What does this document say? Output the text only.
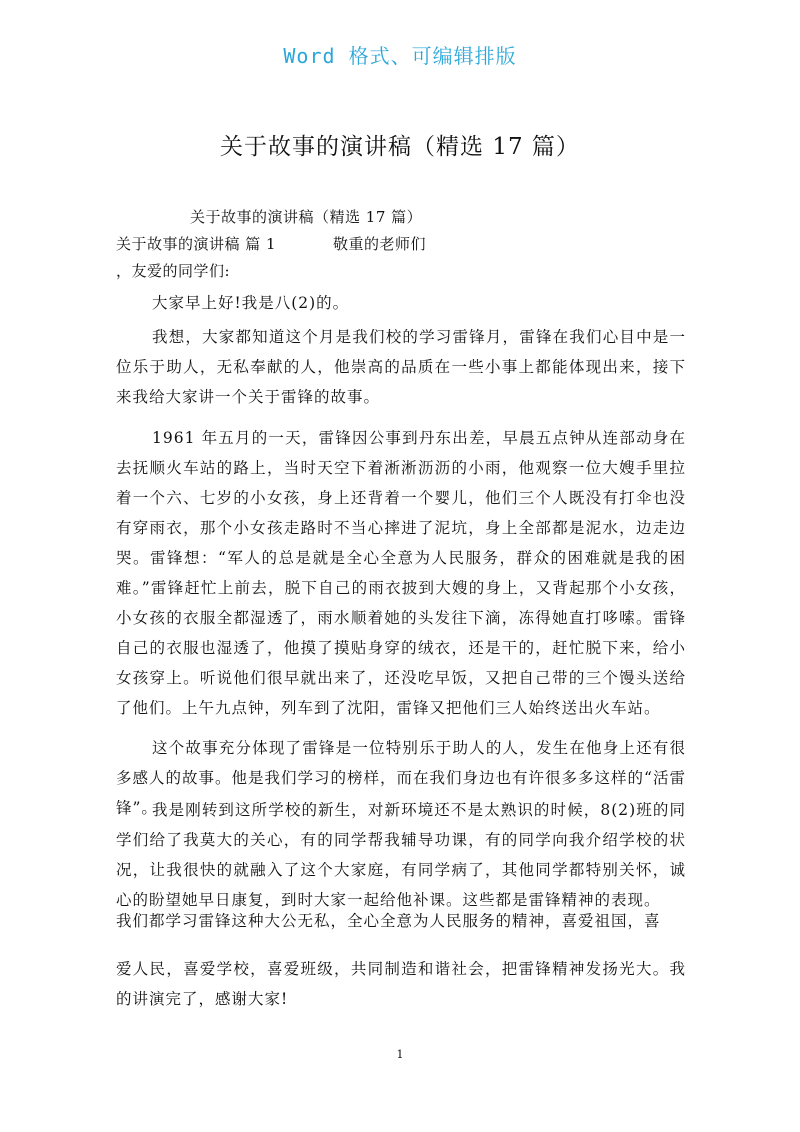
Word 格式、可编辑排版
关于故事的演讲稿（精选 17 篇）
关于故事的演讲稿（精选 17 篇）
关于故事的演讲稿 篇 1	敬重的老师们
，友爱的同学们:
大家早上好!我是八(2)的。
我想，大家都知道这个月是我们校的学习雷锋月，雷锋在我们心目中是一位乐于助人，无私奉献的人，他崇高的品质在一些小事上都能体现出来，接下来我给大家讲一个关于雷锋的故事。
1961 年五月的一天，雷锋因公事到丹东出差，早晨五点钟从连部动身在去抚顺火车站的路上，当时天空下着淅淅沥沥的小雨，他观察一位大嫂手里拉着一个六、七岁的小女孩，身上还背着一个婴儿，他们三个人既没有打伞也没有穿雨衣，那个小女孩走路时不当心摔进了泥坑，身上全部都是泥水，边走边哭。雷锋想：“军人的总是就是全心全意为人民服务，群众的困难就是我的困难。”雷锋赶忙上前去，脱下自己的雨衣披到大嫂的身上，又背起那个小女孩，小女孩的衣服全都湿透了，雨水顺着她的头发往下滴，冻得她直打哆嗦。雷锋自己的衣服也湿透了，他摸了摸贴身穿的绒衣，还是干的，赶忙脱下来，给小女孩穿上。听说他们很早就出来了，还没吃早饭，又把自己带的三个馒头送给了他们。上午九点钟，列车到了沈阳，雷锋又把他们三人始终送出火车站。
这个故事充分体现了雷锋是一位特别乐于助人的人，发生在他身上还有很多感人的故事。他是我们学习的榜样，而在我们身边也有许很多多这样的“活雷锋”。
我是刚转到这所学校的新生，对新环境还不是太熟识的时候，8(2)班的同学们给了我莫大的关心，有的同学帮我辅导功课，有的同学向我介绍学校的状况，让我很快的就融入了这个大家庭，有同学病了，其他同学都特别关怀，诚心的盼望她早日康复，到时大家一起给他补课。这些都是雷锋精神的表现。
我们都学习雷锋这种大公无私，全心全意为人民服务的精神，喜爱祖国，喜
爱人民，喜爱学校，喜爱班级，共同制造和谐社会，把雷锋精神发扬光大。我的讲演完了，感谢大家!
1
